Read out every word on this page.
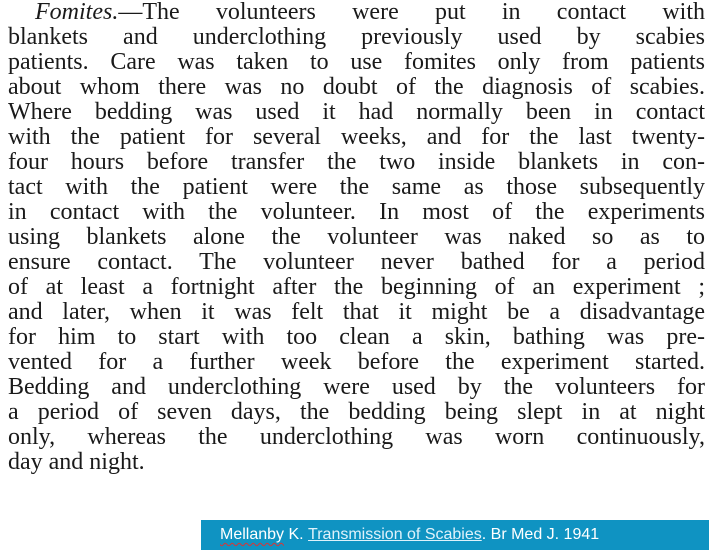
Fomites.—The volunteers were put in contact with
blankets and underclothing previously used by scabies
patients. Care was taken to use fomites only from patients
about whom there was no doubt of the diagnosis of scabies.
Where bedding was used it had normally been in contact
with the patient for several weeks, and for the last twenty-
four hours before transfer the two inside blankets in con-
tact with the patient were the same as those subsequently
in contact with the volunteer. In most of the experiments
using blankets alone the volunteer was naked so as to
ensure contact. The volunteer never bathed for a period
of at least a fortnight after the beginning of an experiment ;
and later, when it was felt that it might be a disadvantage
for him to start with too clean a skin, bathing was pre-
vented for a further week before the experiment started.
Bedding and underclothing were used by the volunteers for
a period of seven days, the bedding being slept in at night
only, whereas the underclothing was worn continuously,
day and night.
Mellanby K. Transmission of Scabies . Br Med J. 1941
